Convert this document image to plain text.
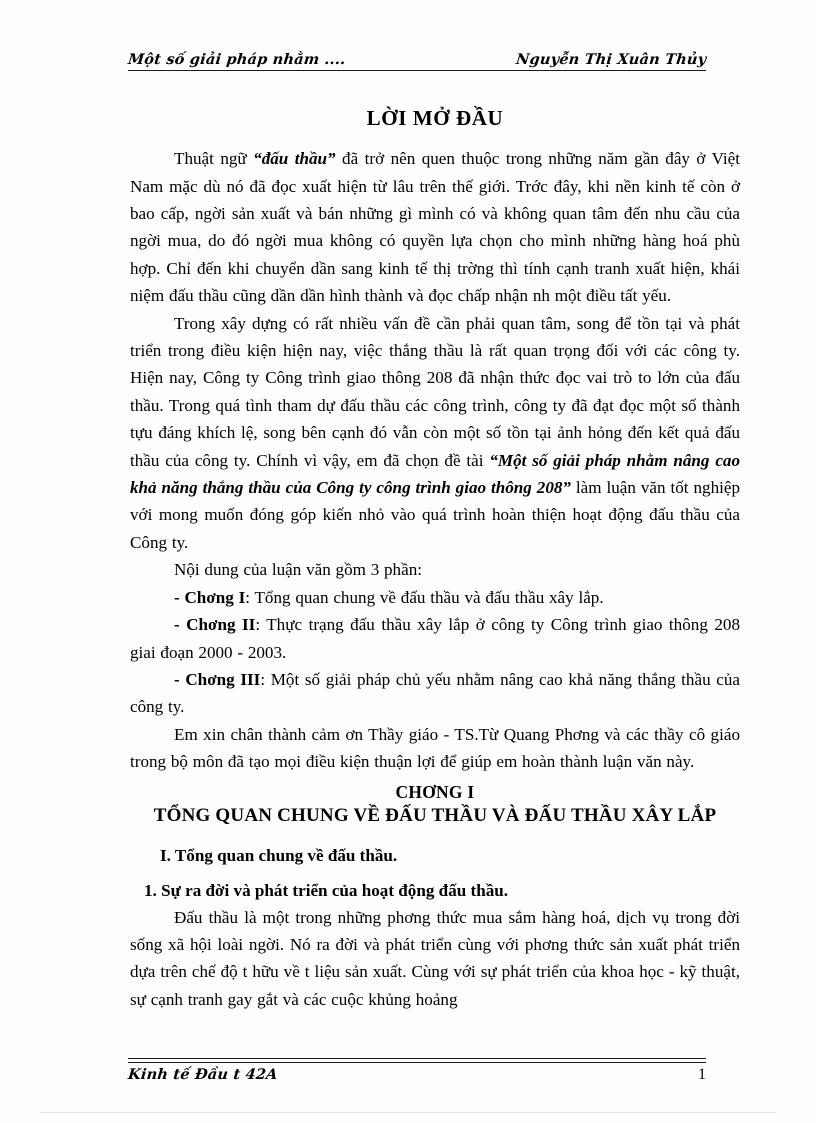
Một số giải pháp nhằm ....	Nguyễn Thị Xuân Thủy
LỜI MỞ ĐẦU

Thuật ngữ “đấu thầu” đã trở nên quen thuộc trong những năm gần đây ở Việt Nam mặc dù nó đã đọc xuất hiện từ lâu trên thế giới. Trớc đây, khi nền kinh tế còn ở bao cấp, ngời sản xuất và bán những gì mình có và không quan tâm đến nhu cầu của ngời mua, do đó ngời mua không có quyền lựa chọn cho mình những hàng hoá phù hợp. Chỉ đến khi chuyển dần sang kinh tế thị trờng thì tính cạnh tranh xuất hiện, khái niệm đấu thầu cũng dần dần hình thành và đọc chấp nhận nh một điều tất yếu.

Trong xây dựng có rất nhiều vấn đề cần phải quan tâm, song để tồn tại và phát triển trong điều kiện hiện nay, việc thắng thầu là rất quan trọng đối với các công ty. Hiện nay, Công ty Công trình giao thông 208 đã nhận thức đọc vai trò to lớn của đấu thầu. Trong quá tình tham dự đấu thầu các công trình, công ty đã đạt đọc một số thành tựu đáng khích lệ, song bên cạnh đó vẫn còn một số tồn tại ảnh hỏng đến kết quả đấu thầu của công ty. Chính vì vậy, em đã chọn đề tài “Một số giải pháp nhằm nâng cao khả năng thắng thầu của Công ty công trình giao thông 208” làm luận văn tốt nghiệp với mong muốn đóng góp kiến nhỏ vào quá trình hoàn thiện hoạt động đấu thầu của Công ty.

Nội dung của luận văn gồm 3 phần:

- Chơng I: Tổng quan chung về đấu thầu và đấu thầu xây lắp.

- Chơng II: Thực trạng đấu thầu xây lắp ở công ty Công trình giao thông 208 giai đoạn 2000 - 2003.

- Chơng III: Một số giải pháp chủ yếu nhằm nâng cao khả năng thắng thầu của công ty.

Em xin chân thành cảm ơn Thầy giáo - TS.Từ Quang Phơng và các thầy cô giáo trong bộ môn đã tạo mọi điều kiện thuận lợi để giúp em hoàn thành luận văn này.

CHƠNG I
TỔNG QUAN CHUNG VỀ ĐẤU THẦU VÀ ĐẤU THẦU XÂY LẮP

I. Tổng quan chung về đấu thầu.

1. Sự ra đời và phát triển của hoạt động đấu thầu.

Đấu thầu là một trong những phơng thức mua sắm hàng hoá, dịch vụ trong đời sống xã hội loài ngời. Nó ra đời và phát triển cùng với phơng thức sản xuất phát triển dựa trên chế độ t hữu về t liệu sản xuất. Cùng với sự phát triển của khoa học - kỹ thuật, sự cạnh tranh gay gắt và các cuộc khủng hoảng

Kinh tế Đầu t 42A	1
